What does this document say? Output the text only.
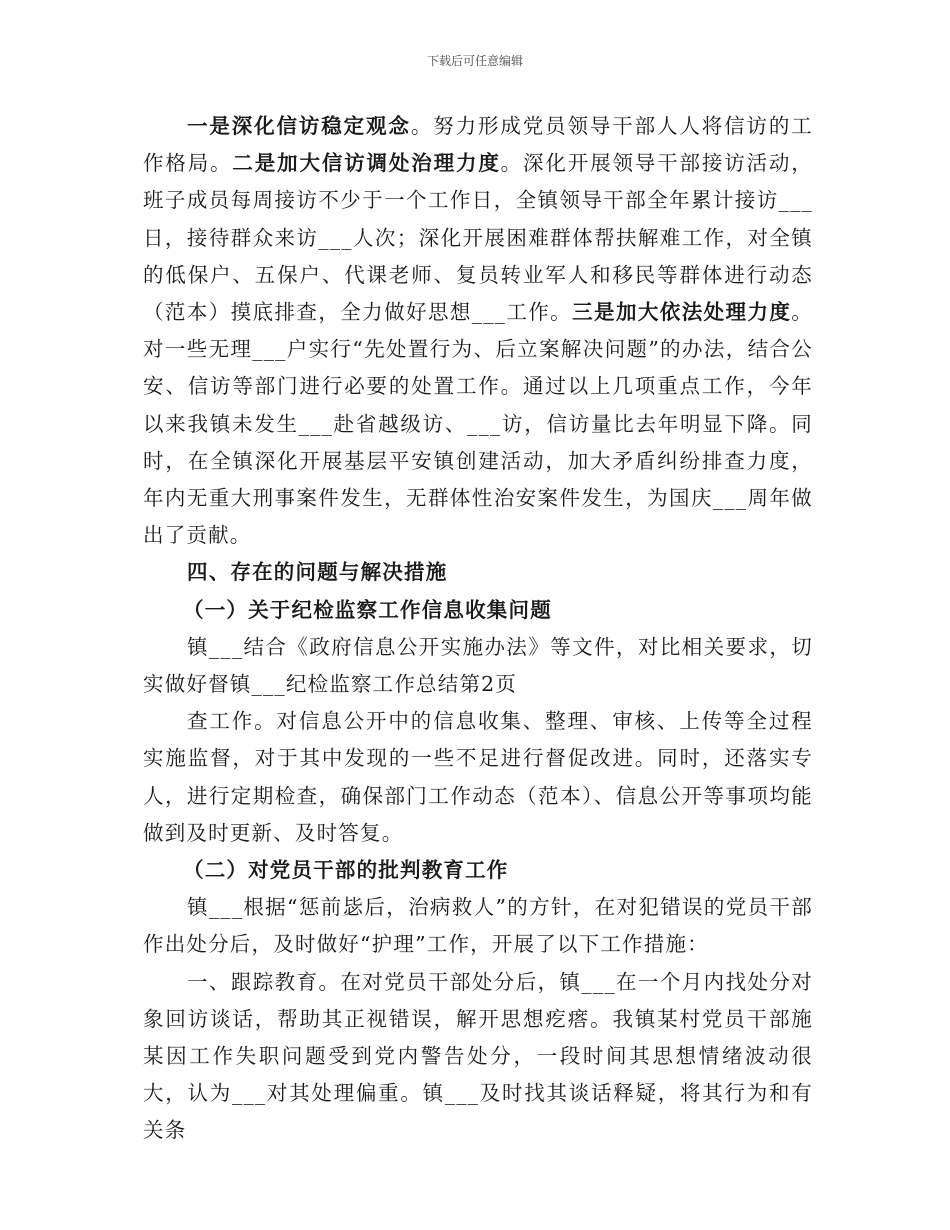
下载后可任意编辑

一是深化信访稳定观念。努力形成党员领导干部人人将信访的工作格局。二是加大信访调处治理力度。深化开展领导干部接访活动，班子成员每周接访不少于一个工作日，全镇领导干部全年累计接访___日，接待群众来访___人次；深化开展困难群体帮扶解难工作，对全镇的低保户、五保户、代课老师、复员转业军人和移民等群体进行动态（范本）摸底排查，全力做好思想___工作。三是加大依法处理力度。对一些无理___户实行“先处置行为、后立案解决问题”的办法，结合公安、信访等部门进行必要的处置工作。通过以上几项重点工作，今年以来我镇未发生___赴省越级访、___访，信访量比去年明显下降。同时，在全镇深化开展基层平安镇创建活动，加大矛盾纠纷排查力度，年内无重大刑事案件发生，无群体性治安案件发生，为国庆___周年做出了贡献。

四、存在的问题与解决措施

（一）关于纪检监察工作信息收集问题

镇___结合《政府信息公开实施办法》等文件，对比相关要求，切实做好督镇___纪检监察工作总结第2页

查工作。对信息公开中的信息收集、整理、审核、上传等全过程实施监督，对于其中发现的一些不足进行督促改进。同时，还落实专人，进行定期检查，确保部门工作动态（范本）、信息公开等事项均能做到及时更新、及时答复。

（二）对党员干部的批判教育工作

镇___根据“惩前毖后，治病救人”的方针，在对犯错误的党员干部作出处分后，及时做好“护理”工作，开展了以下工作措施：

一、跟踪教育。在对党员干部处分后，镇___在一个月内找处分对象回访谈话，帮助其正视错误，解开思想疙瘩。我镇某村党员干部施某因工作失职问题受到党内警告处分，一段时间其思想情绪波动很大，认为___对其处理偏重。镇___及时找其谈话释疑，将其行为和有关条
